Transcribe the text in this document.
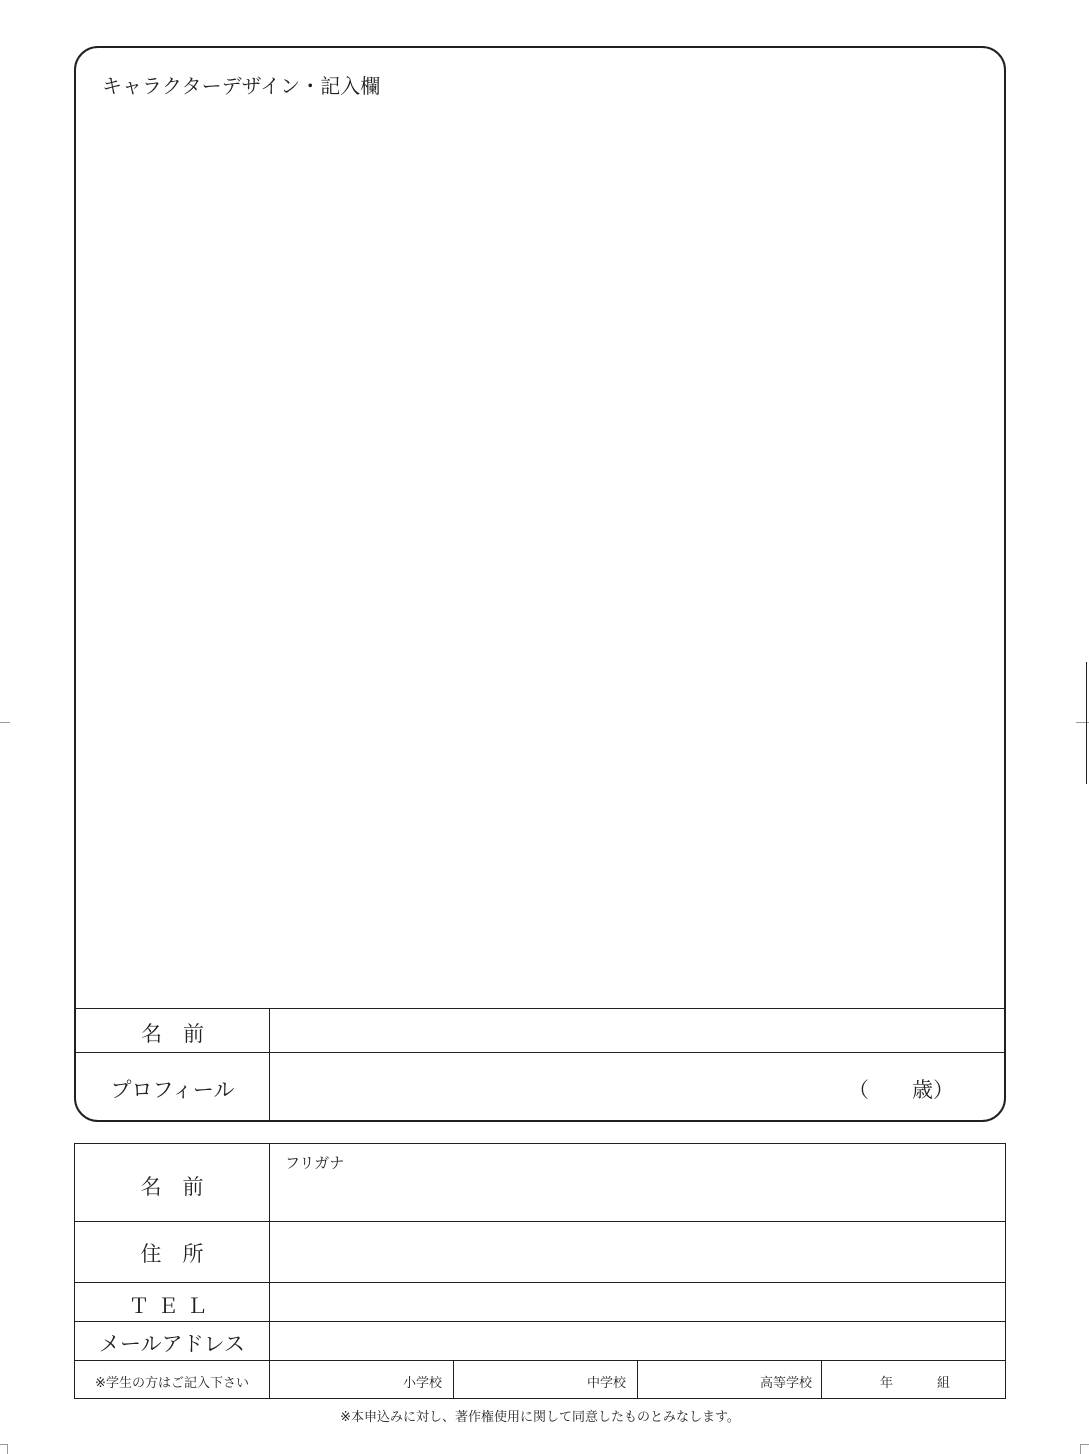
キャラクターデザイン・記入欄
名　前
プロフィール	（ 歳）
名　前
フリガナ
住　所
ＴＥＬ
メールアドレス
※学生の方はご記入下さい	小学校	中学校	高等学校	年	組
※本申込みに対し、著作権使用に関して同意したものとみなします。
